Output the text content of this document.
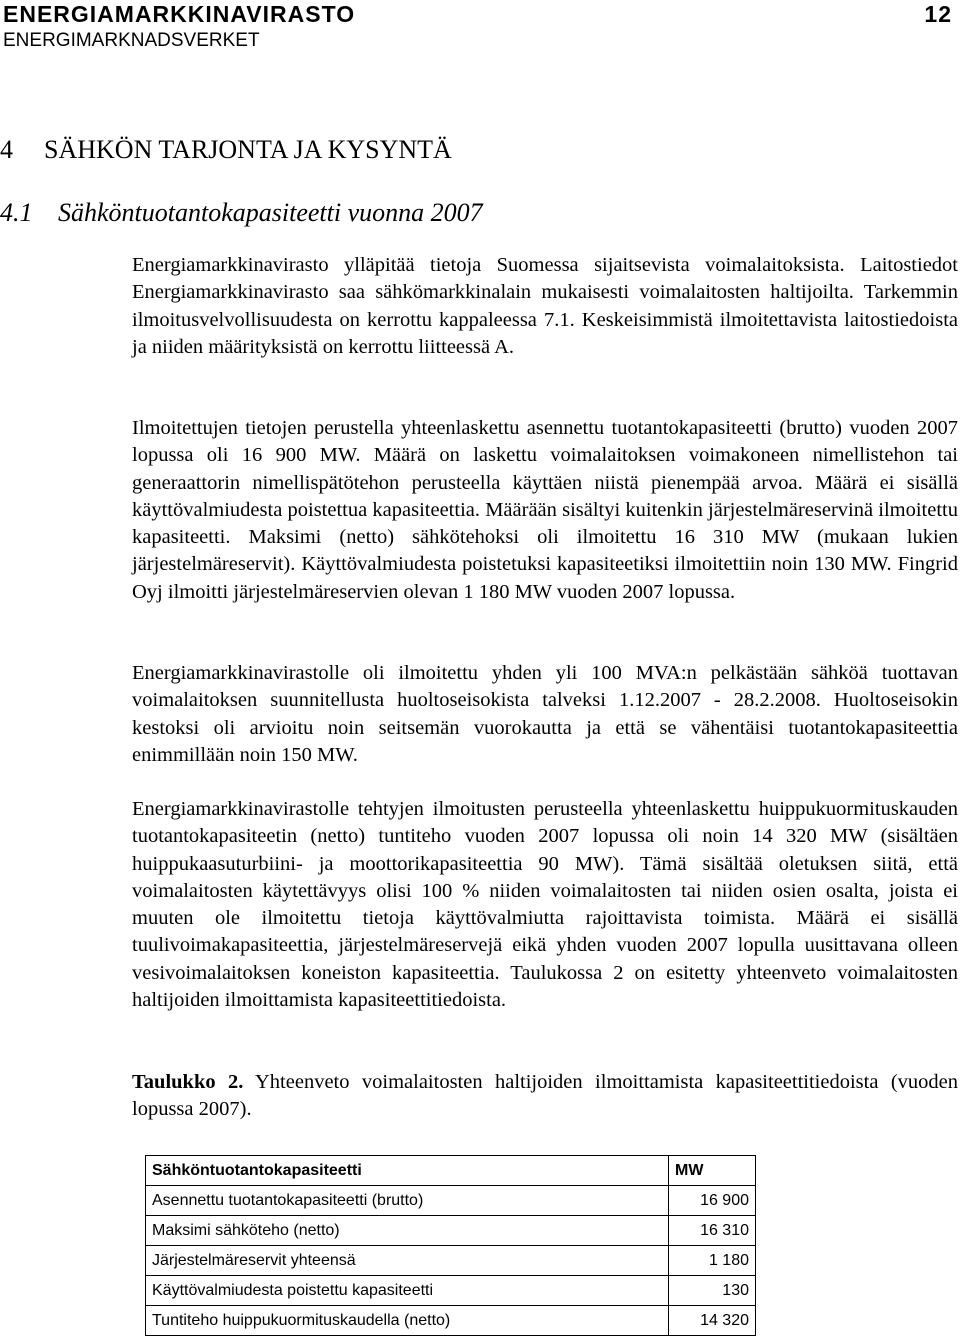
ENERGIAMARKKINAVIRASTO	12
ENERGIMARKNADSVERKET
4 SÄHKÖN TARJONTA JA KYSYNTÄ
4.1 Sähköntuotantokapasiteetti vuonna 2007

Energiamarkkinavirasto ylläpitää tietoja Suomessa sijaitsevista voimalaitoksista. Laitostiedot Energiamarkkinavirasto saa sähkömarkkinalain mukaisesti voimalaitosten haltijoilta. Tarkemmin ilmoitusvelvollisuudesta on kerrottu kappaleessa 7.1. Keskeisimmistä ilmoitettavista laitostiedoista ja niiden määrityksistä on kerrottu liitteessä A.

Ilmoitettujen tietojen perustella yhteenlaskettu asennettu tuotantokapasiteetti (brutto) vuoden 2007 lopussa oli 16 900 MW. Määrä on laskettu voimalaitoksen voimakoneen nimellistehon tai generaattorin nimellispätötehon perusteella käyttäen niistä pienempää arvoa. Määrä ei sisällä käyttövalmiudesta poistettua kapasiteettia. Määrään sisältyi kuitenkin järjestelmäreservinä ilmoitettu kapasiteetti. Maksimi (netto) sähkötehoksi oli ilmoitettu 16 310 MW (mukaan lukien järjestelmäreservit). Käyttövalmiudesta poistetuksi kapasiteetiksi ilmoitettiin noin 130 MW. Fingrid Oyj ilmoitti järjestelmäreservien olevan 1 180 MW vuoden 2007 lopussa.

Energiamarkkinavirastolle oli ilmoitettu yhden yli 100 MVA:n pelkästään sähköä tuottavan voimalaitoksen suunnitellusta huoltoseisokista talveksi 1.12.2007 - 28.2.2008. Huoltoseisokin kestoksi oli arvioitu noin seitsemän vuorokautta ja että se vähentäisi tuotantokapasiteettia enimmillään noin 150 MW.

Energiamarkkinavirastolle tehtyjen ilmoitusten perusteella yhteenlaskettu huippukuormituskauden tuotantokapasiteetin (netto) tuntiteho vuoden 2007 lopussa oli noin 14 320 MW (sisältäen huippukaasuturbiini- ja moottorikapasiteettia 90 MW). Tämä sisältää oletuksen siitä, että voimalaitosten käytettävyys olisi 100 % niiden voimalaitosten tai niiden osien osalta, joista ei muuten ole ilmoitettu tietoja käyttövalmiutta rajoittavista toimista. Määrä ei sisällä tuulivoimakapasiteettia, järjestelmäreservejä eikä yhden vuoden 2007 lopulla uusittavana olleen vesivoimalaitoksen koneiston kapasiteettia. Taulukossa 2 on esitetty yhteenveto voimalaitosten haltijoiden ilmoittamista kapasiteettitiedoista.

Taulukko 2. Yhteenveto voimalaitosten haltijoiden ilmoittamista kapasiteettitiedoista (vuoden lopussa 2007).

Sähköntuotantokapasiteetti	MW
Asennettu tuotantokapasiteetti (brutto)	16 900
Maksimi sähköteho (netto)	16 310
Järjestelmäreservit yhteensä	1 180
Käyttövalmiudesta poistettu kapasiteetti	130
Tuntiteho huippukuormituskaudella (netto)	14 320
